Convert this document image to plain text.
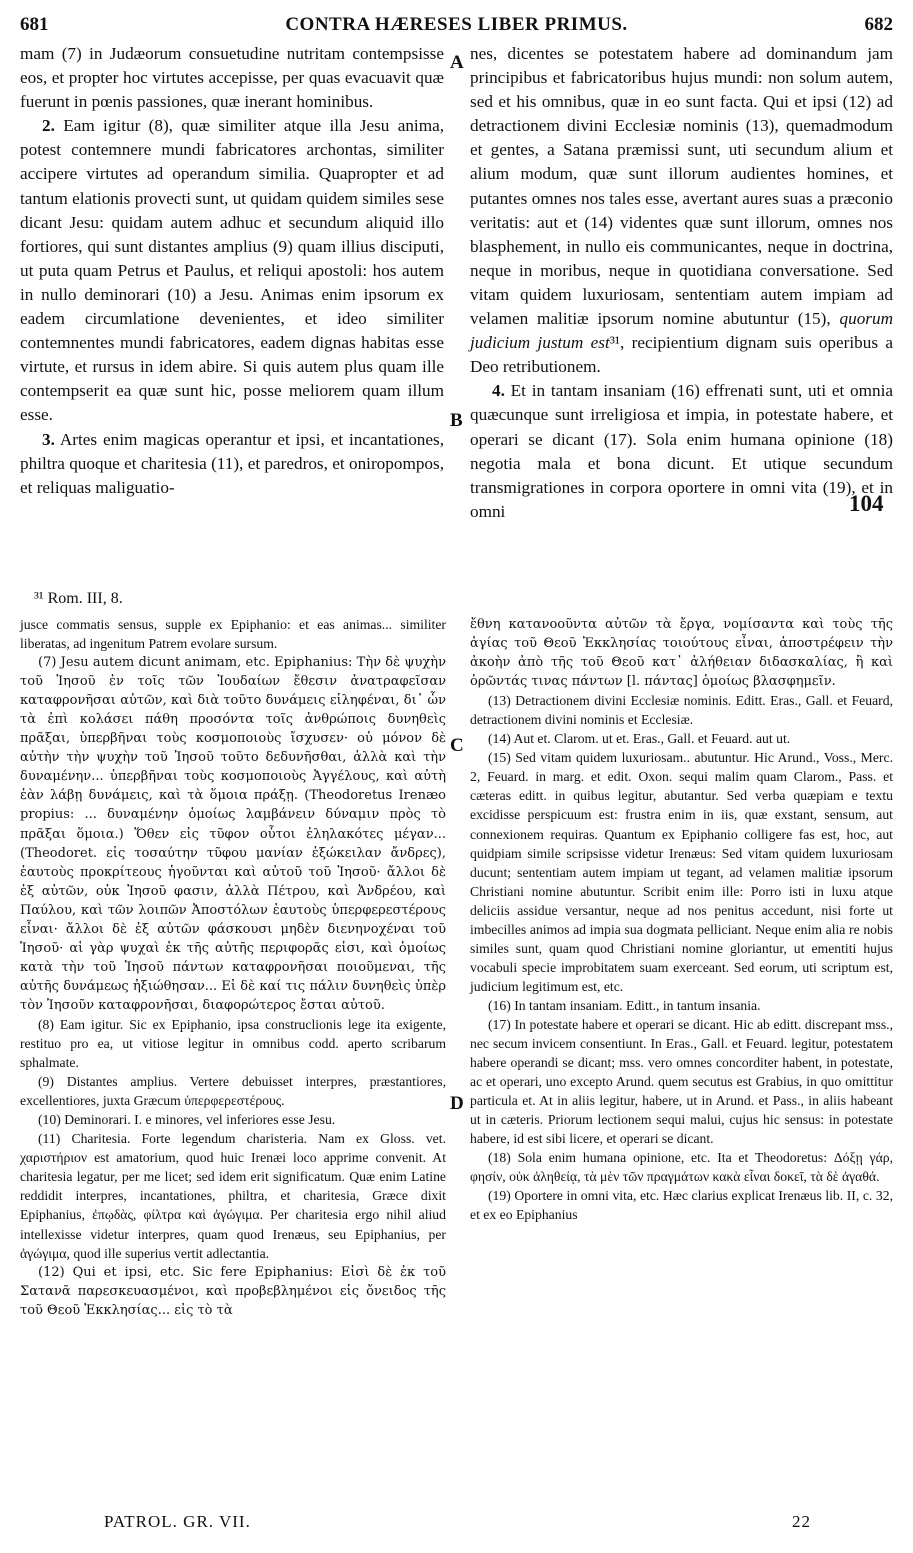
681	CONTRA HÆRESES LIBER PRIMUS.	682
A
B
C
D
104

mam (7) in Judæorum consuetudine nutritam contempsisse eos, et propter hoc virtutes accepisse, per quas evacuavit quæ fuerunt in pœnis passiones, quæ inerant hominibus.

2. Eam igitur (8), quæ similiter atque illa Jesu anima, potest contemnere mundi fabricatores archontas, similiter accipere virtutes ad operandum similia. Quapropter et ad tantum elationis provecti sunt, ut quidam quidem similes sese dicant Jesu: quidam autem adhuc et secundum aliquid illo fortiores, qui sunt distantes amplius (9) quam illius disciputi, ut puta quam Petrus et Paulus, et reliqui apostoli: hos autem in nullo deminorari (10) a Jesu. Animas enim ipsorum ex eadem circumlatione devenientes, et ideo similiter contemnentes mundi fabricatores, eadem dignas habitas esse virtute, et rursus in idem abire. Si quis autem plus quam ille contempserit ea quæ sunt hic, posse meliorem quam illum esse.

3. Artes enim magicas operantur et ipsi, et incantationes, philtra quoque et charitesia (11), et paredros, et oniropompos, et reliquas maliguatio-

³¹ Rom. III, 8.

nes, dicentes se potestatem habere ad dominandum jam principibus et fabricatoribus hujus mundi: non solum autem, sed et his omnibus, quæ in eo sunt facta. Qui et ipsi (12) ad detractionem divini Ecclesiæ nominis (13), quemadmodum et gentes, a Satana præmissi sunt, uti secundum alium et alium modum, quæ sunt illorum audientes homines, et putantes omnes nos tales esse, avertant aures suas a præconio veritatis: aut et (14) videntes quæ sunt illorum, omnes nos blasphement, in nullo eis communicantes, neque in doctrina, neque in moribus, neque in quotidiana conversatione. Sed vitam quidem luxuriosam, sententiam autem impiam ad velamen malitiæ ipsorum nomine abutuntur (15), quorum judicium justum est³¹, recipientium dignam suis operibus a Deo retributionem.

4. Et in tantam insaniam (16) effrenati sunt, uti et omnia quæcunque sunt irreligiosa et impia, in potestate habere, et operari se dicant (17). Sola enim humana opinione (18) negotia mala et bona dicunt. Et utique secundum transmigrationes in corpora oportere in omni vita (19), et in omni

jusce commatis sensus, supple ex Epiphanio: et eas animas... similiter liberatas, ad ingenitum Patrem evolare sursum.

(7) Jesu autem dicunt animam, etc. Epiphanius: Τὴν δὲ ψυχὴν τοῦ Ἰησοῦ ἐν τοῖς τῶν Ἰουδαίων ἔθεσιν ἀνατραφεῖσαν καταφρονῆσαι αὐτῶν, καὶ διὰ τοῦτο δυνάμεις εἰληφέναι, δι᾽ ὧν τὰ ἐπὶ κολάσει πάθη προσόντα τοῖς ἀνθρώποις δυνηθεὶς πρᾶξαι, ὑπερβῆναι τοὺς κοσμοποιοὺς ἴσχυσεν· οὐ μόνον δὲ αὐτὴν τὴν ψυχὴν τοῦ Ἰησοῦ τοῦτο δεδυνῆσθαι, ἀλλὰ καὶ τὴν δυναμένην... ὑπερβῆναι τοὺς κοσμοποιοὺς Ἀγγέλους, καὶ αὐτὴ ἐὰν λάβῃ δυνάμεις, καὶ τὰ ὅμοια πράξῃ. (Theodoretus Irenæo propius: ... δυναμένην ὁμοίως λαμβάνειν δύναμιν πρὸς τὸ πρᾶξαι ὅμοια.) Ὅθεν εἰς τῦφον οὗτοι ἐληλακότες μέγαν... (Theodoret. εἰς τοσαύτην τῦφου μανίαν ἐξώκειλαν ἄνδρες), ἑαυτοὺς προκρίτεους ἡγοῦνται καὶ αὐτοῦ τοῦ Ἰησοῦ· ἄλλοι δὲ ἐξ αὐτῶν, οὐκ Ἰησοῦ φασιν, ἀλλὰ Πέτρου, καὶ Ἀνδρέου, καὶ Παύλου, καὶ τῶν λοιπῶν Ἀποστόλων ἑαυτοὺς ὑπερφερεστέρους εἶναι· ἄλλοι δὲ ἐξ αὐτῶν φάσκουσι μηδὲν διενηνοχέναι τοῦ Ἰησοῦ· αἱ γὰρ ψυχαὶ ἐκ τῆς αὐτῆς περιφορᾶς εἰσι, καὶ ὁμοίως κατὰ τὴν τοῦ Ἰησοῦ πάντων καταφρονῆσαι ποιοῦμεναι, τῆς αὐτῆς δυνάμεως ἠξιώθησαν... Εἰ δὲ καί τις πάλιν δυνηθεὶς ὑπὲρ τὸν Ἰησοῦν καταφρονῆσαι, διαφορώτερος ἔσται αὐτοῦ.

(8) Eam igitur. Sic ex Epiphanio, ipsa construclionis lege ita exigente, restituo pro ea, ut vitiose legitur in omnibus codd. aperto scribarum sphalmate.

(9) Distantes amplius. Vertere debuisset interpres, præstantiores, excellentiores, juxta Græcum ὑπερφερεστέρους.

(10) Deminorari. I. e minores, vel inferiores esse Jesu.

(11) Charitesia. Forte legendum charisteria. Nam ex Gloss. vet. χαριστήριον est amatorium, quod huic Irenæi loco apprime convenit. At charitesia legatur, per me licet; sed idem erit significatum. Quæ enim Latine reddidit interpres, incantationes, philtra, et charitesia, Græce dixit Epiphanius, ἐπῳδὰς, φίλτρα καὶ ἀγώγιμα. Per charitesia ergo nihil aliud intellexisse videtur interpres, quam quod Irenæus, seu Epiphanius, per ἀγώγιμα, quod ille superius vertit adlectantia.

(12) Qui et ipsi, etc. Sic fere Epiphanius: Εἰσὶ δὲ ἐκ τοῦ Σατανᾶ παρεσκευασμένοι, καὶ προβεβλημένοι εἰς ὄνειδος τῆς τοῦ Θεοῦ Ἐκκλησίας... εἰς τὸ τὰ

ἔθνη κατανοοῦντα αὐτῶν τὰ ἔργα, νομίσαντα καὶ τοὺς τῆς ἁγίας τοῦ Θεοῦ Ἐκκλησίας τοιούτους εἶναι, ἀποστρέφειν τὴν ἀκοὴν ἀπὸ τῆς τοῦ Θεοῦ κατ᾽ ἀλήθειαν διδασκαλίας, ἢ καὶ ὁρῶντάς τινας πάντων [l. πάντας] ὁμοίως βλασφημεῖν.

(13) Detractionem divini Ecclesiæ nominis. Editt. Eras., Gall. et Feuard, detractionem divini nominis et Ecclesiæ.

(14) Aut et. Clarom. ut et. Eras., Gall. et Feuard. aut ut.

(15) Sed vitam quidem luxuriosam.. abutuntur. Hic Arund., Voss., Merc. 2, Feuard. in marg. et edit. Oxon. sequi malim quam Clarom., Pass. et cæteras editt. in quibus legitur, abutantur. Sed verba quæpiam e textu excidisse perspicuum est: frustra enim in iis, quæ exstant, sensum, aut connexionem requiras. Quantum ex Epiphanio colligere fas est, hoc, aut quidpiam simile scripsisse videtur Irenæus: Sed vitam quidem luxuriosam ducunt; sententiam autem impiam ut tegant, ad velamen malitiæ ipsorum Christiani nomine abutuntur. Scribit enim ille: Porro isti in luxu atque deliciis assidue versantur, neque ad nos penitus accedunt, nisi forte ut imbecilles animos ad impia sua dogmata pelliciant. Neque enim alia re nobis similes sunt, quam quod Christiani nomine gloriantur, ut ementiti hujus vocabuli specie improbitatem suam exerceant. Sed eorum, uti scriptum est, judicium legitimum est, etc.

(16) In tantam insaniam. Editt., in tantum insania.

(17) In potestate habere et operari se dicant. Hic ab editt. discrepant mss., nec secum invicem consentiunt. In Eras., Gall. et Feuard. legitur, potestatem habere operandi se dicant; mss. vero omnes concorditer habent, in potestate, ac et operari, uno excepto Arund. quem secutus est Grabius, in quo omittitur particula et. At in aliis legitur, habere, ut in Arund. et Pass., in aliis habeant ut in cæteris. Priorum lectionem sequi malui, cujus hic sensus: in potestate habere, id est sibi licere, et operari se dicant.

(18) Sola enim humana opinione, etc. Ita et Theodoretus: Δόξῃ γάρ, φησίν, οὐκ ἀληθείᾳ, τὰ μὲν τῶν πραγμάτων κακὰ εἶναι δοκεῖ, τὰ δὲ ἀγαθά.

(19) Oportere in omni vita, etc. Hæc clarius explicat Irenæus lib. II, c. 32, et ex eo Epiphanius

PATROL. GR. VII.	22
